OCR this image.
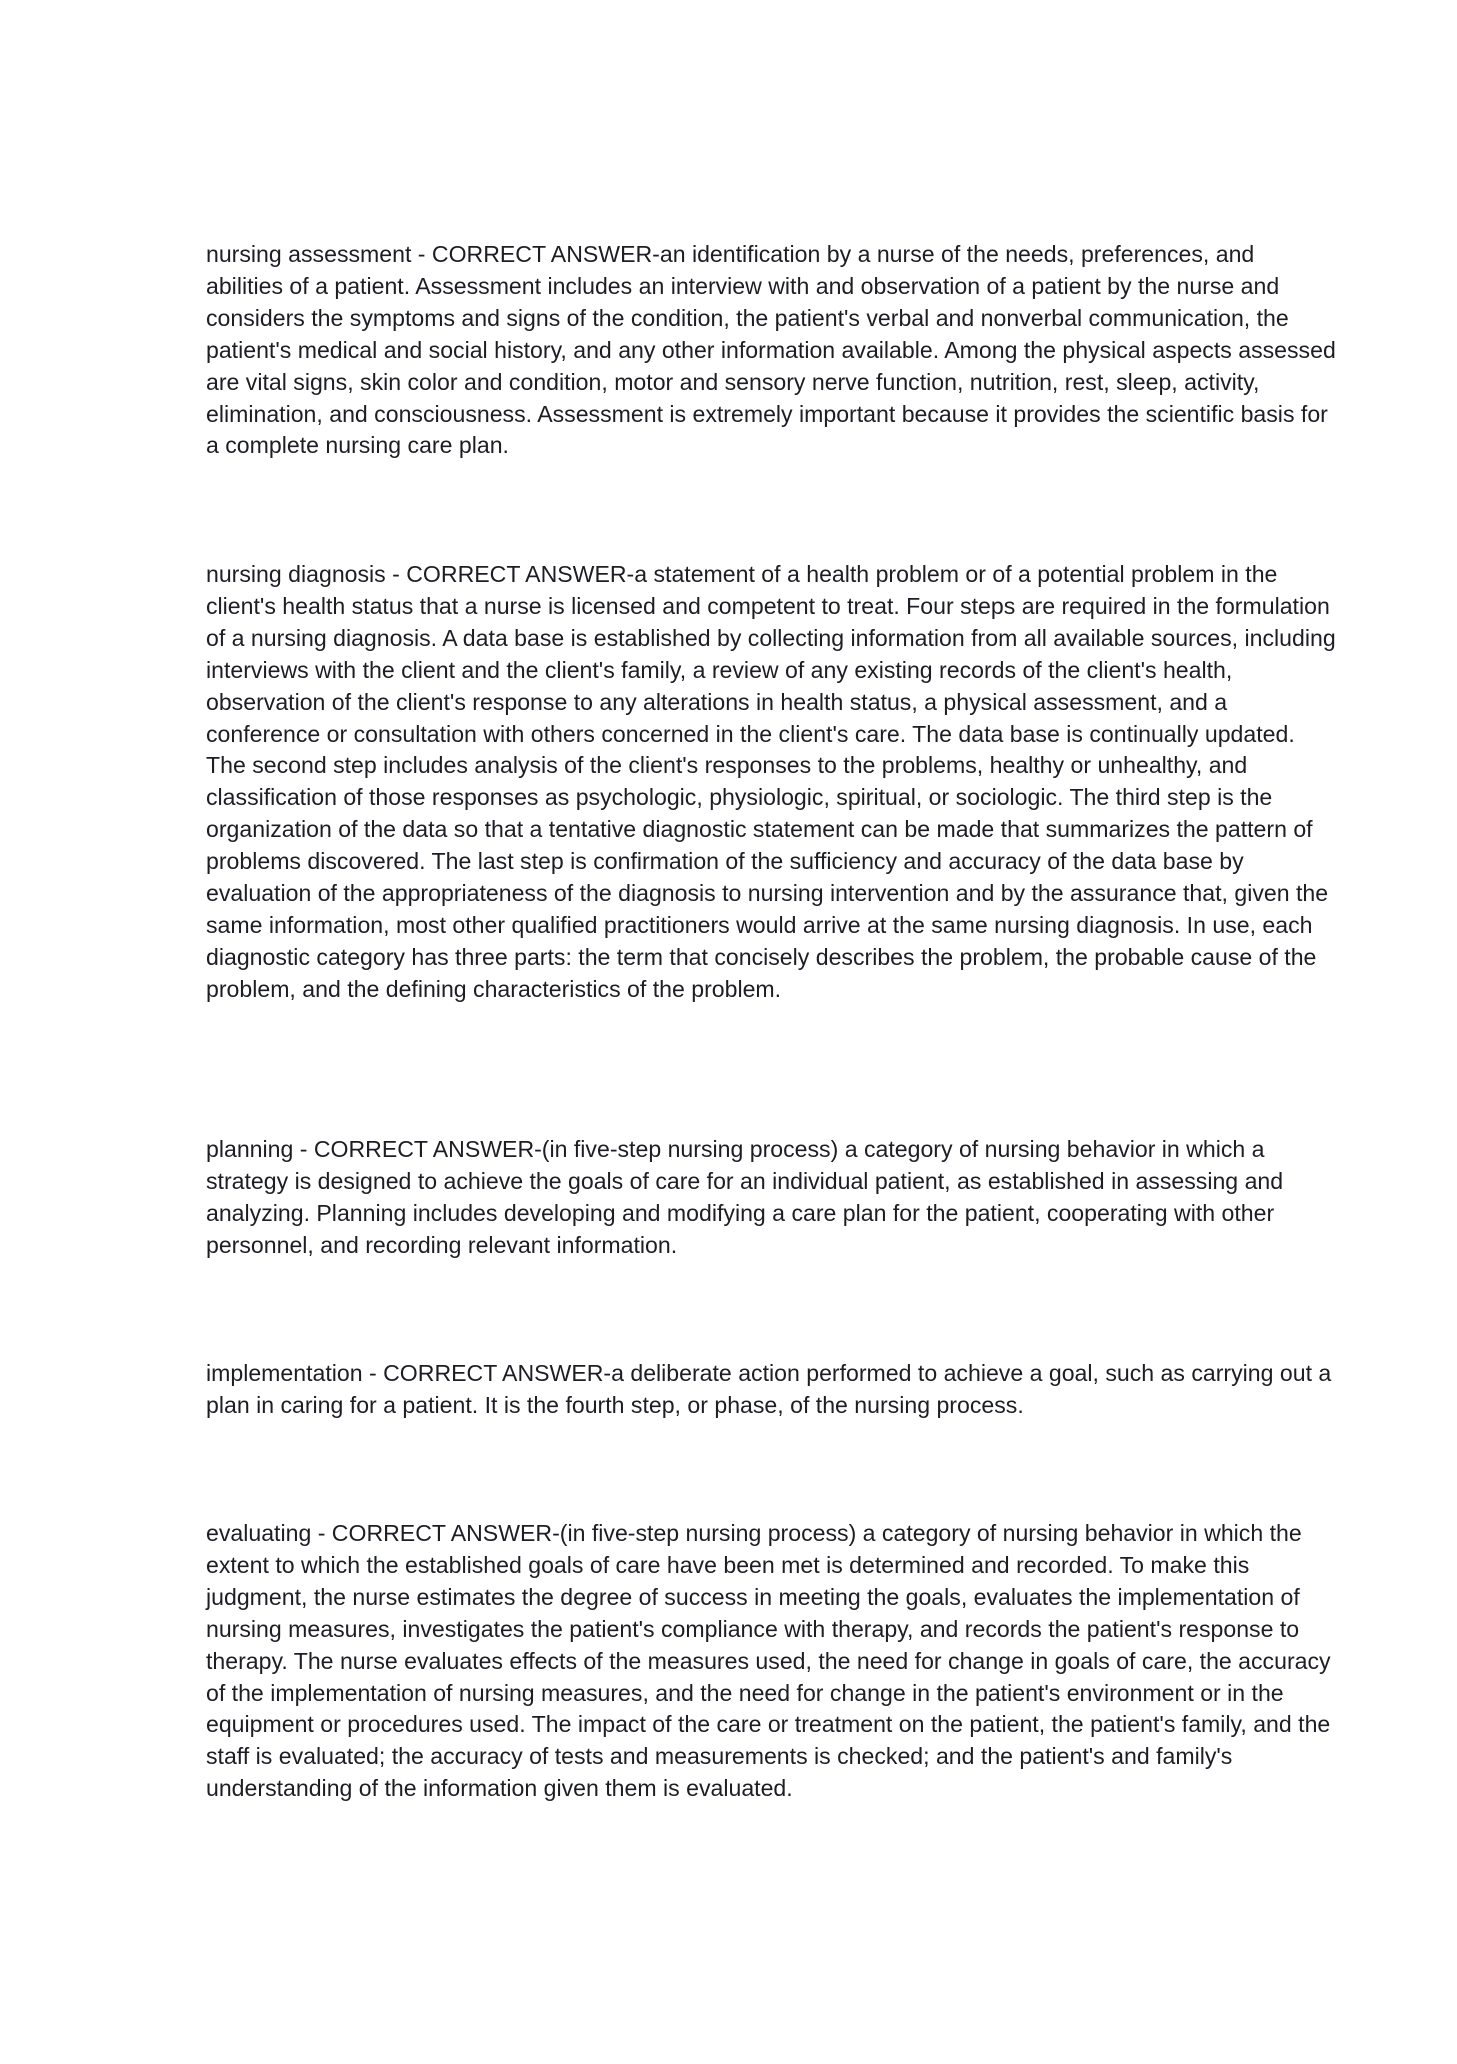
nursing assessment - CORRECT ANSWER-an identification by a nurse of the needs, preferences, and abilities of a patient. Assessment includes an interview with and observation of a patient by the nurse and considers the symptoms and signs of the condition, the patient's verbal and nonverbal communication, the patient's medical and social history, and any other information available. Among the physical aspects assessed are vital signs, skin color and condition, motor and sensory nerve function, nutrition, rest, sleep, activity, elimination, and consciousness. Assessment is extremely important because it provides the scientific basis for a complete nursing care plan.

nursing diagnosis - CORRECT ANSWER-a statement of a health problem or of a potential problem in the client's health status that a nurse is licensed and competent to treat. Four steps are required in the formulation of a nursing diagnosis. A data base is established by collecting information from all available sources, including interviews with the client and the client's family, a review of any existing records of the client's health, observation of the client's response to any alterations in health status, a physical assessment, and a conference or consultation with others concerned in the client's care. The data base is continually updated. The second step includes analysis of the client's responses to the problems, healthy or unhealthy, and classification of those responses as psychologic, physiologic, spiritual, or sociologic. The third step is the organization of the data so that a tentative diagnostic statement can be made that summarizes the pattern of problems discovered. The last step is confirmation of the sufficiency and accuracy of the data base by evaluation of the appropriateness of the diagnosis to nursing intervention and by the assurance that, given the same information, most other qualified practitioners would arrive at the same nursing diagnosis. In use, each diagnostic category has three parts: the term that concisely describes the problem, the probable cause of the problem, and the defining characteristics of the problem.

planning - CORRECT ANSWER-(in five-step nursing process) a category of nursing behavior in which a strategy is designed to achieve the goals of care for an individual patient, as established in assessing and analyzing. Planning includes developing and modifying a care plan for the patient, cooperating with other personnel, and recording relevant information.

implementation - CORRECT ANSWER-a deliberate action performed to achieve a goal, such as carrying out a plan in caring for a patient. It is the fourth step, or phase, of the nursing process.

evaluating - CORRECT ANSWER-(in five-step nursing process) a category of nursing behavior in which the extent to which the established goals of care have been met is determined and recorded. To make this judgment, the nurse estimates the degree of success in meeting the goals, evaluates the implementation of nursing measures, investigates the patient's compliance with therapy, and records the patient's response to therapy. The nurse evaluates effects of the measures used, the need for change in goals of care, the accuracy of the implementation of nursing measures, and the need for change in the patient's environment or in the equipment or procedures used. The impact of the care or treatment on the patient, the patient's family, and the staff is evaluated; the accuracy of tests and measurements is checked; and the patient's and family's understanding of the information given them is evaluated.
